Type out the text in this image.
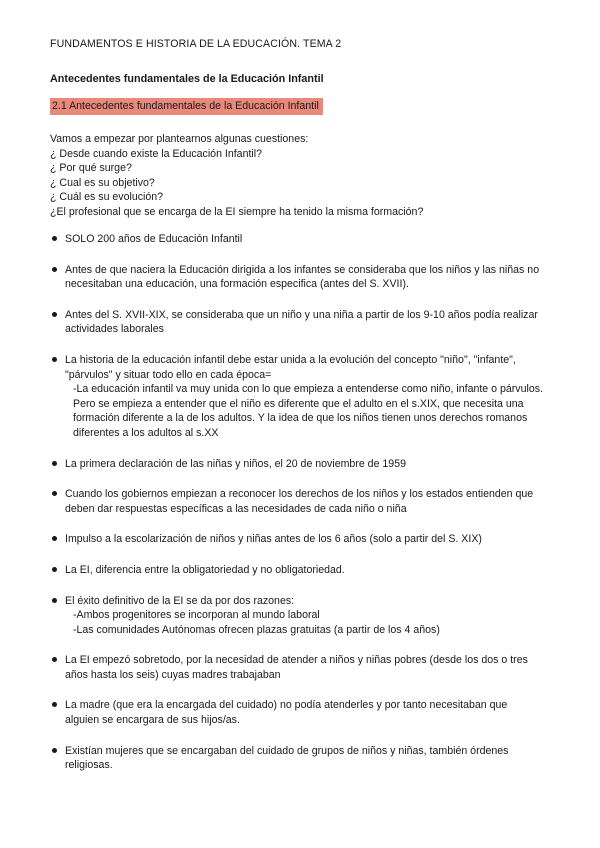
FUNDAMENTOS E HISTORIA DE LA EDUCACIÓN. TEMA 2
Antecedentes fundamentales de la Educación Infantil
2.1 Antecedentes fundamentales de la Educación Infantil
Vamos a empezar por plantearnos algunas cuestiones:
¿ Desde cuando existe la Educación Infantil?
¿ Por qué surge?
¿ Cual es su objetivo?
¿ Cuál es su evolución?
¿El profesional que se encarga de la EI siempre ha tenido la misma formación?
SOLO 200 años de Educación Infantil
Antes de que naciera la Educación dirigida a los infantes se consideraba que los niños y las niñas no
necesitaban una educación, una formación especifica (antes del S. XVII).
Antes del S. XVII-XIX, se consideraba que un niño y una niña a partir de los 9-10 años podía realizar
actividades laborales
La historia de la educación infantil debe estar unida a la evolución del concepto "niño", "infante",
"párvulos" y situar todo ello en cada época=
-La educación infantil va muy unida con lo que empieza a entenderse como niño, infante o párvulos.
Pero se empieza a entender que el niño es diferente que el adulto en el s.XIX, que necesita una
formación diferente a la de los adultos. Y la idea de que los niños tienen unos derechos romanos
diferentes a los adultos al s.XX
La primera declaración de las niñas y niños, el 20 de noviembre de 1959
Cuando los gobiernos empiezan a reconocer los derechos de los niños y los estados entienden que
deben dar respuestas específicas a las necesidades de cada niño o niña
Impulso a la escolarización de niños y niñas antes de los 6 años (solo a partir del S. XIX)
La EI, diferencia entre la obligatoriedad y no obligatoriedad.
El éxito definitivo de la EI se da por dos razones:
-Ambos progenitores se incorporan al mundo laboral
-Las comunidades Autónomas ofrecen plazas gratuitas (a partir de los 4 años)
La EI empezó sobretodo, por la necesidad de atender a niños y niñas pobres (desde los dos o tres
años hasta los seis) cuyas madres trabajaban
La madre (que era la encargada del cuidado) no podía atenderles y por tanto necesitaban que
alguien se encargara de sus hijos/as.
Existían mujeres que se encargaban del cuidado de grupos de niños y niñas, también órdenes
religiosas.
